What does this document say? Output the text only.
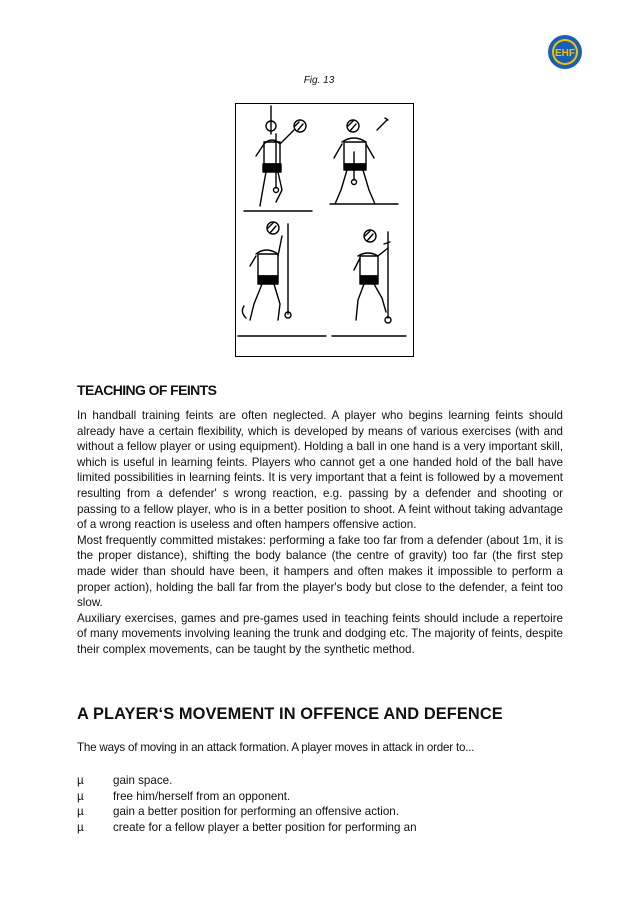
EHF
Fig. 13
TEACHING OF FEINTS

In handball training feints are often neglected. A player who begins learning feints should already have a certain flexibility, which is developed by means of various exercises (with and without a fellow player or using equipment). Holding a ball in one hand is a very important skill, which is useful in learning feints. Players who cannot get a one handed hold of the ball have limited possibilities in learning feints. It is very important that a feint is followed by a movement resulting from a defender' s wrong reaction, e.g. passing by a defender and shooting or passing to a fellow player, who is in a better position to shoot. A feint without taking advantage of a wrong reaction is useless and often hampers offensive action.

Most frequently committed mistakes: performing a fake too far from a defender (about 1m, it is the proper distance), shifting the body balance (the centre of gravity) too far (the first step made wider than should have been, it hampers and often makes it impossible to perform a proper action), holding the ball far from the player's body but close to the defender, a feint too slow.

Auxiliary exercises, games and pre-games used in teaching feints should include a repertoire of many movements involving leaning the trunk and dodging etc. The majority of feints, despite their complex movements, can be taught by the synthetic method.

A PLAYER‘S MOVEMENT IN OFFENCE AND DEFENCE
The ways of moving in an attack formation. A player moves in attack in order to...
µ	gain space.
µ	free him/herself from an opponent.
µ	gain a better position for performing an offensive action.
µ	create for a fellow player a better position for performing an
